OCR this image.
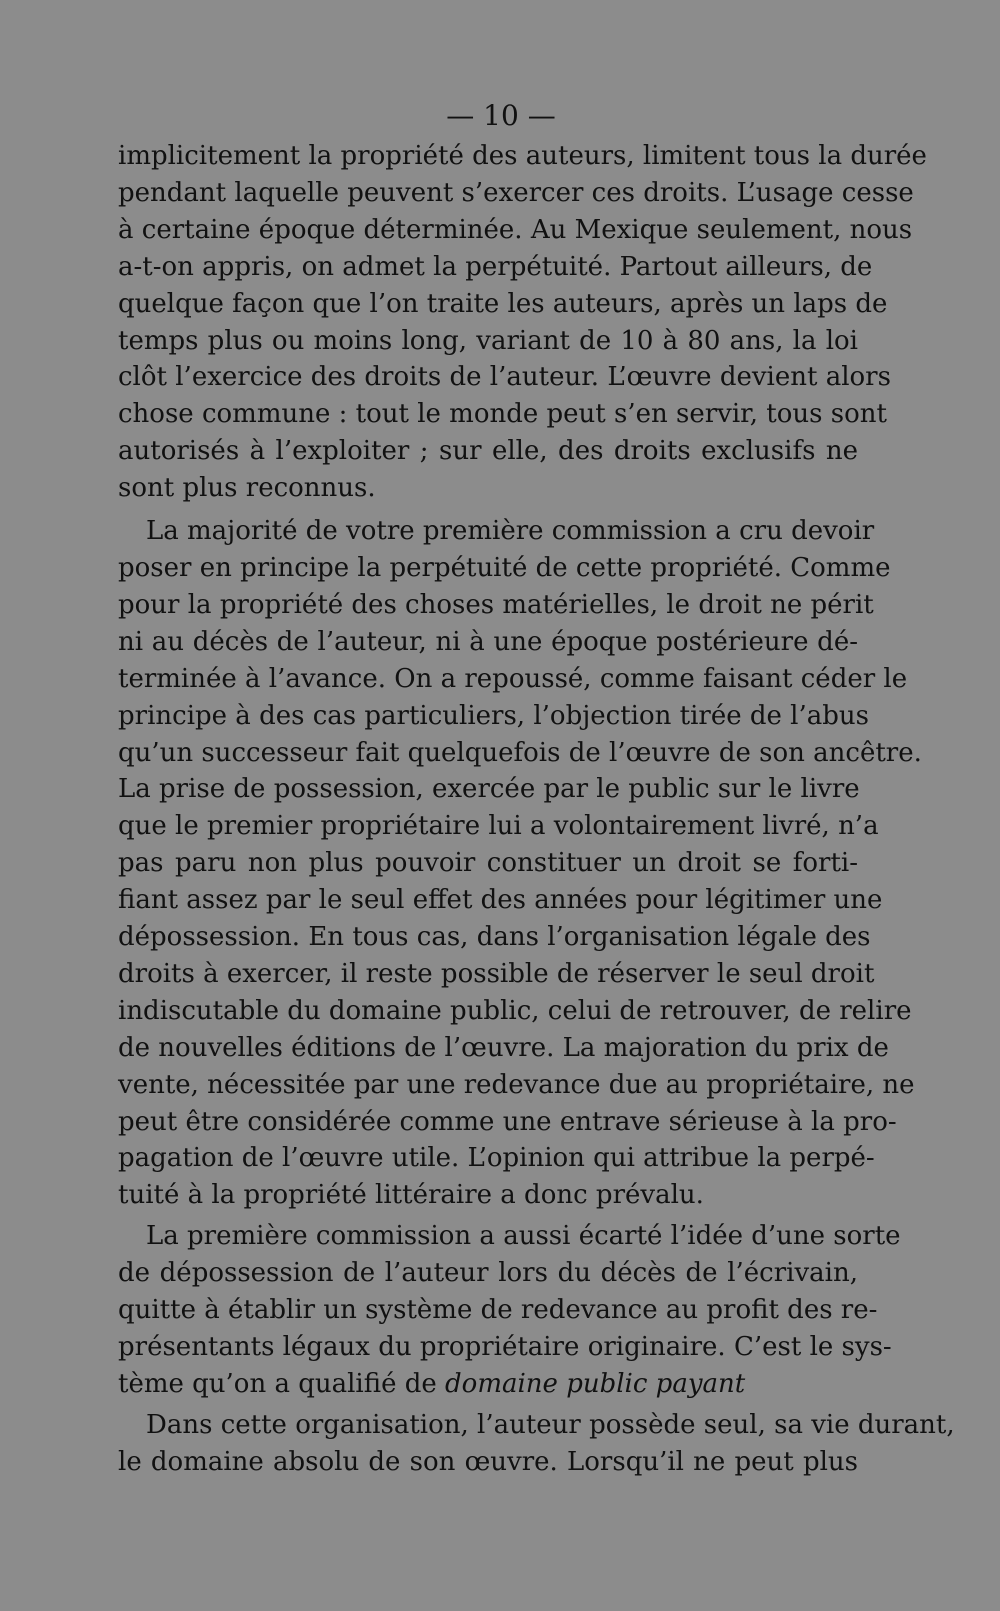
— 10 —
implicitement la propriété des auteurs, limitent tous la durée
pendant laquelle peuvent s’exercer ces droits. L’usage cesse
à certaine époque déterminée. Au Mexique seulement, nous
a-t-on appris, on admet la perpétuité. Partout ailleurs, de
quelque façon que l’on traite les auteurs, après un laps de
temps plus ou moins long, variant de 10 à 80 ans, la loi
clôt l’exercice des droits de l’auteur. L’œuvre devient alors
chose commune : tout le monde peut s’en servir, tous sont
autorisés à l’exploiter ; sur elle, des droits exclusifs ne
sont plus reconnus.
La majorité de votre première commission a cru devoir
poser en principe la perpétuité de cette propriété. Comme
pour la propriété des choses matérielles, le droit ne périt
ni au décès de l’auteur, ni à une époque postérieure dé-
terminée à l’avance. On a repoussé, comme faisant céder le
principe à des cas particuliers, l’objection tirée de l’abus
qu’un successeur fait quelquefois de l’œuvre de son ancêtre.
La prise de possession, exercée par le public sur le livre
que le premier propriétaire lui a volontairement livré, n’a
pas paru non plus pouvoir constituer un droit se forti-
fiant assez par le seul effet des années pour légitimer une
dépossession. En tous cas, dans l’organisation légale des
droits à exercer, il reste possible de réserver le seul droit
indiscutable du domaine public, celui de retrouver, de relire
de nouvelles éditions de l’œuvre. La majoration du prix de
vente, nécessitée par une redevance due au propriétaire, ne
peut être considérée comme une entrave sérieuse à la pro-
pagation de l’œuvre utile. L’opinion qui attribue la perpé-
tuité à la propriété littéraire a donc prévalu.
La première commission a aussi écarté l’idée d’une sorte
de dépossession de l’auteur lors du décès de l’écrivain,
quitte à établir un système de redevance au profit des re-
présentants légaux du propriétaire originaire. C’est le sys-
tème qu’on a qualifié de domaine public payant
Dans cette organisation, l’auteur possède seul, sa vie durant,
le domaine absolu de son œuvre. Lorsqu’il ne peut plus
